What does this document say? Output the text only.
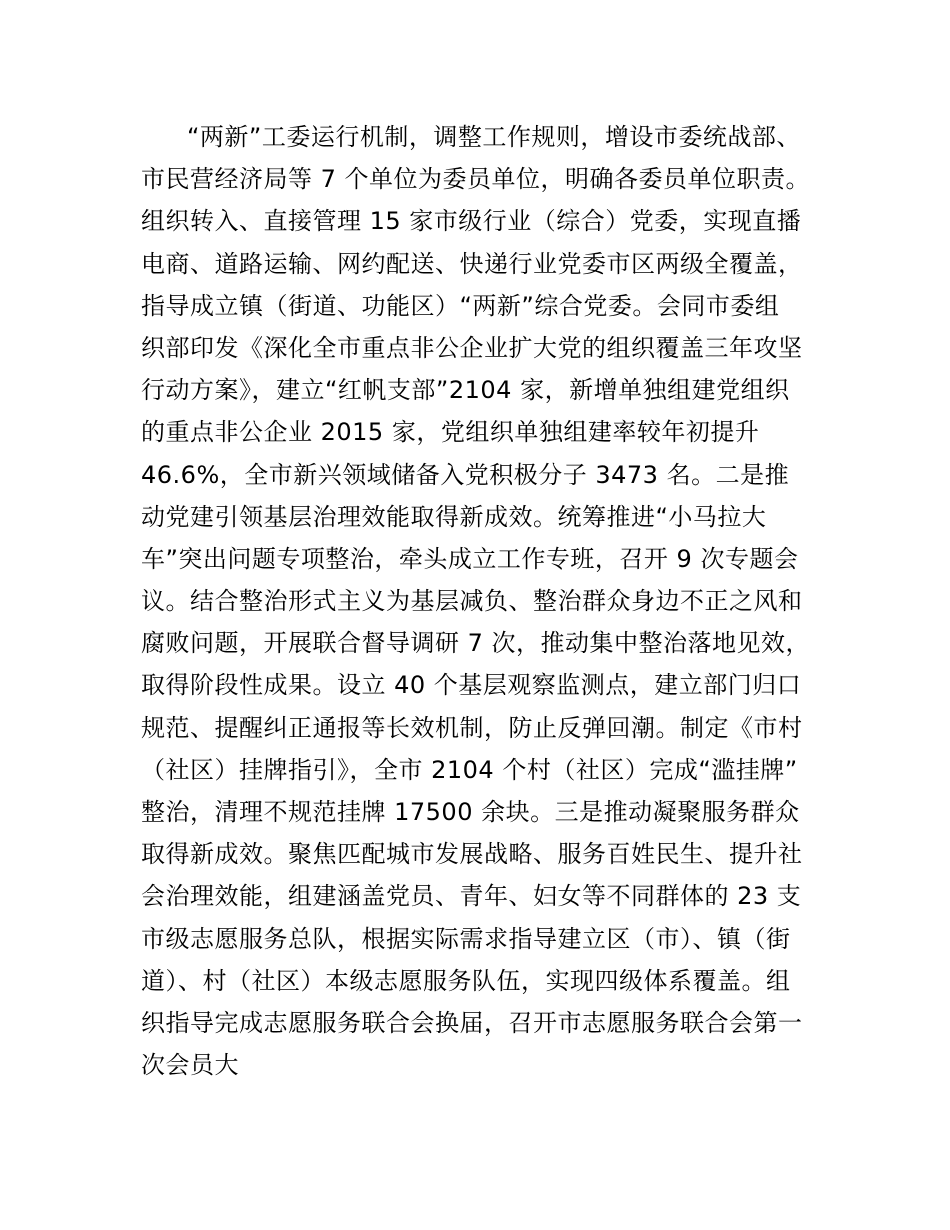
“两新”工委运行机制，调整工作规则，增设市委统战部、
市民营经济局等 7 个单位为委员单位，明确各委员单位职责。
组织转入、直接管理 15 家市级行业（综合）党委，实现直播
电商、道路运输、网约配送、快递行业党委市区两级全覆盖，
指导成立镇（街道、功能区）“两新”综合党委。会同市委组
织部印发《深化全市重点非公企业扩大党的组织覆盖三年攻坚
行动方案》，建立“红帆支部”2104 家，新增单独组建党组织
的重点非公企业 2015 家，党组织单独组建率较年初提升
46.6%，全市新兴领域储备入党积极分子 3473 名。二是推
动党建引领基层治理效能取得新成效。统筹推进“小马拉大
车”突出问题专项整治，牵头成立工作专班，召开 9 次专题会
议。结合整治形式主义为基层减负、整治群众身边不正之风和
腐败问题，开展联合督导调研 7 次，推动集中整治落地见效，
取得阶段性成果。设立 40 个基层观察监测点，建立部门归口
规范、提醒纠正通报等长效机制，防止反弹回潮。制定《市村
（社区）挂牌指引》，全市 2104 个村（社区）完成“滥挂牌”
整治，清理不规范挂牌 17500 余块。三是推动凝聚服务群众
取得新成效。聚焦匹配城市发展战略、服务百姓民生、提升社
会治理效能，组建涵盖党员、青年、妇女等不同群体的 23 支
市级志愿服务总队，根据实际需求指导建立区（市）、镇（街
道）、村（社区）本级志愿服务队伍，实现四级体系覆盖。组
织指导完成志愿服务联合会换届，召开市志愿服务联合会第一
次会员大
